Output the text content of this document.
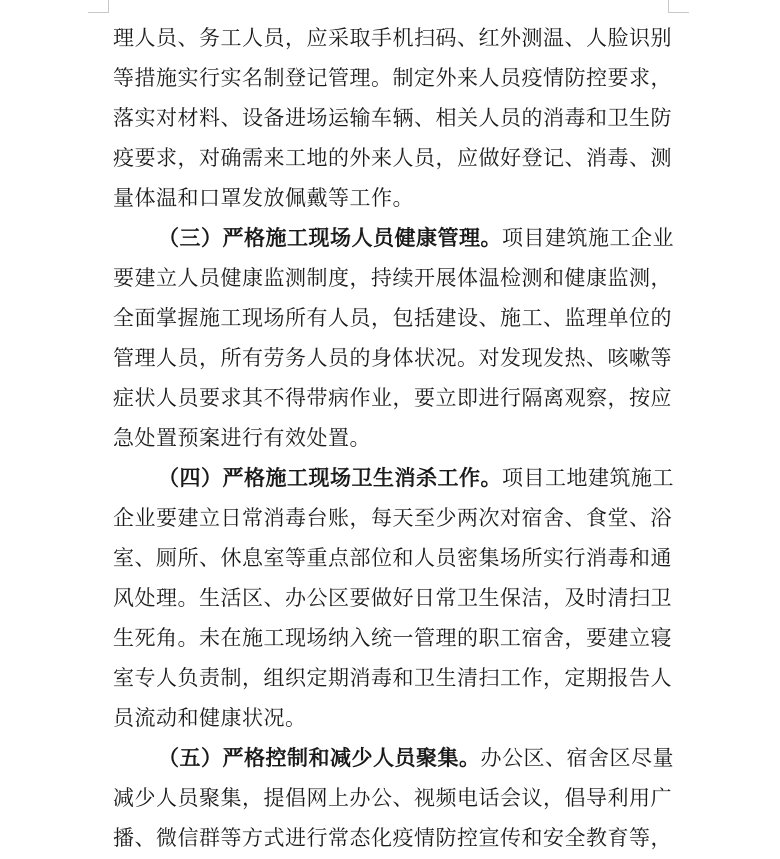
理人员、务工人员，应采取手机扫码、红外测温、人脸识别
等措施实行实名制登记管理。制定外来人员疫情防控要求，
落实对材料、设备进场运输车辆、相关人员的消毒和卫生防
疫要求，对确需来工地的外来人员，应做好登记、消毒、测
量体温和口罩发放佩戴等工作。
（三）严格施工现场人员健康管理。项目建筑施工企业
要建立人员健康监测制度，持续开展体温检测和健康监测，
全面掌握施工现场所有人员，包括建设、施工、监理单位的
管理人员，所有劳务人员的身体状况。对发现发热、咳嗽等
症状人员要求其不得带病作业，要立即进行隔离观察，按应
急处置预案进行有效处置。
（四）严格施工现场卫生消杀工作。项目工地建筑施工
企业要建立日常消毒台账，每天至少两次对宿舍、食堂、浴
室、厕所、休息室等重点部位和人员密集场所实行消毒和通
风处理。生活区、办公区要做好日常卫生保洁，及时清扫卫
生死角。未在施工现场纳入统一管理的职工宿舍，要建立寝
室专人负责制，组织定期消毒和卫生清扫工作，定期报告人
员流动和健康状况。
（五）严格控制和减少人员聚集。办公区、宿舍区尽量
减少人员聚集，提倡网上办公、视频电话会议，倡导利用广
播、微信群等方式进行常态化疫情防控宣传和安全教育等，
